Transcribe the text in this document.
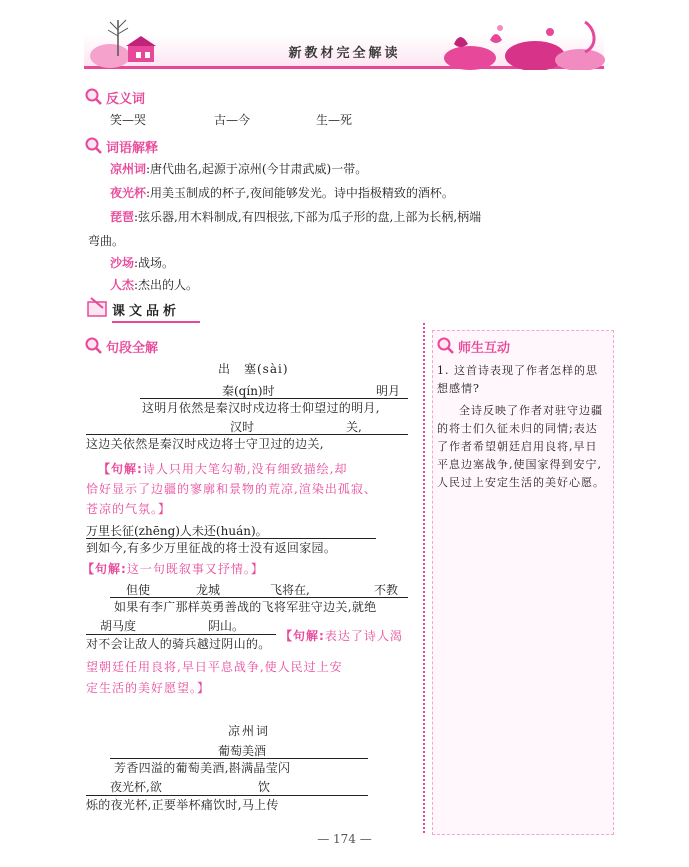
新教材完全解读
反义词
笑—哭	古—今	生—死
词语解释
凉州词:唐代曲名,起源于凉州(今甘肃武威)一带。
夜光杯:用美玉制成的杯子,夜间能够发光。诗中指极精致的酒杯。
琵琶:弦乐器,用木料制成,有四根弦,下部为瓜子形的盘,上部为长柄,柄端
弯曲。
沙场:战场。
人杰:杰出的人。
课文品析
句段全解
出　塞(sài)
秦(qín)时	明月
这明月依然是秦汉时戍边将士仰望过的明月,
汉时	关,
这边关依然是秦汉时戍边将士守卫过的边关,
【句解:诗人只用大笔勾勒,没有细致描绘,却
恰好显示了边疆的寥廓和景物的荒凉,渲染出孤寂、
苍凉的气氛。】
万里长征(zhēng)人未还(huán)。
到如今,有多少万里征战的将士没有返回家园。
【句解:这一句既叙事又抒情。】
但使	龙城	飞将在,	不教
如果有李广那样英勇善战的飞将军驻守边关,就绝
胡马度	阴山。
对不会让敌人的骑兵越过阴山的。
【句解:表达了诗人渴
望朝廷任用良将,早日平息战争,使人民过上安
定生活的美好愿望。】
凉州词
葡萄美酒
芳香四溢的葡萄美酒,斟满晶莹闪
夜光杯,欲	饮
烁的夜光杯,正要举杯痛饮时,马上传
师生互动
1. 这首诗表现了作者怎样的思想感情?
全诗反映了作者对驻守边疆的将士们久征未归的同情;表达了作者希望朝廷启用良将,早日平息边塞战争,使国家得到安宁,人民过上安定生活的美好心愿。
— 174 —
